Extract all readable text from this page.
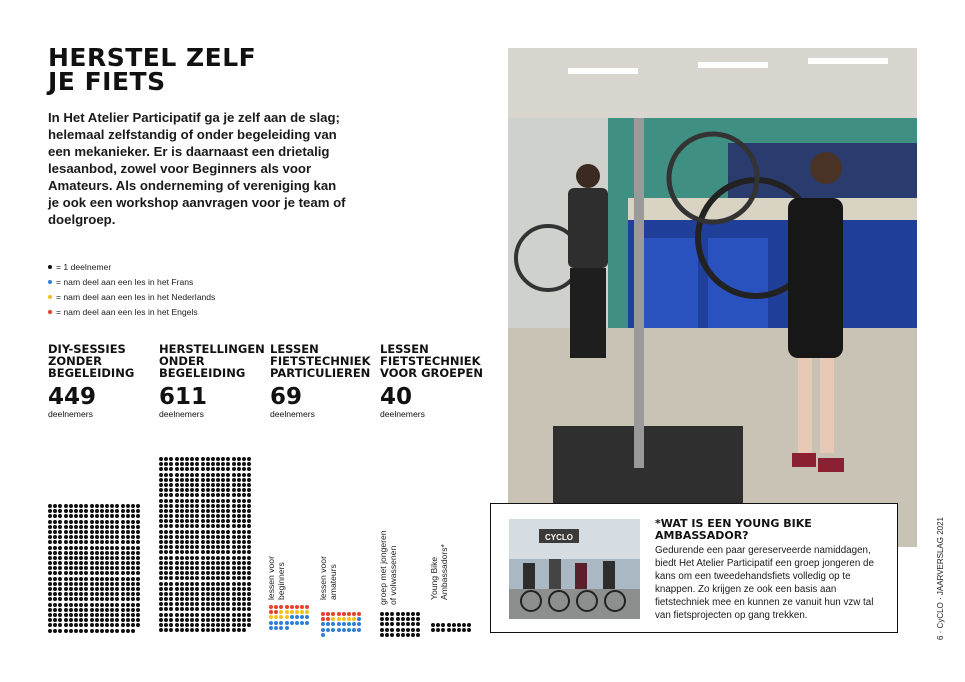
HERSTEL ZELF
JE FIETS
In Het Atelier Participatif ga je zelf aan de slag; helemaal zelfstandig of onder begeleiding van een mekanieker. Er is daarnaast een drietalig lesaanbod, zowel voor Beginners als voor Amateurs. Als onderneming of vereniging kan je ook een workshop aanvragen voor je team of doelgroep.
= 1 deelnemer
= nam deel aan een les in het Frans
= nam deel aan een les in het Nederlands
= nam deel aan een les in het Engels
DIY-SESSIES ZONDER BEGELEIDING
449
deelnemers
HERSTELLINGEN ONDER BEGELEIDING
611
deelnemers
LESSEN FIETSTECHNIEK PARTICULIEREN
69
deelnemers
LESSEN FIETSTECHNIEK VOOR GROEPEN
40
deelnemers
lessen voor beginners	lessen voor amateurs	groep met jongeren of volwassenen	Young Bike Ambassadors*
CYCLO
*WAT IS EEN YOUNG BIKE AMBASSADOR?
Gedurende een paar gereserveerde namiddagen, biedt Het Atelier Participatif een groep jongeren de kans om een tweedehandsfiets volledig op te knappen. Zo krijgen ze ook een basis aan fietstechniek mee en kunnen ze vanuit hun vzw tal van fietsprojecten op gang trekken.	6 · CyCLO · JAARVERSLAG 2021
